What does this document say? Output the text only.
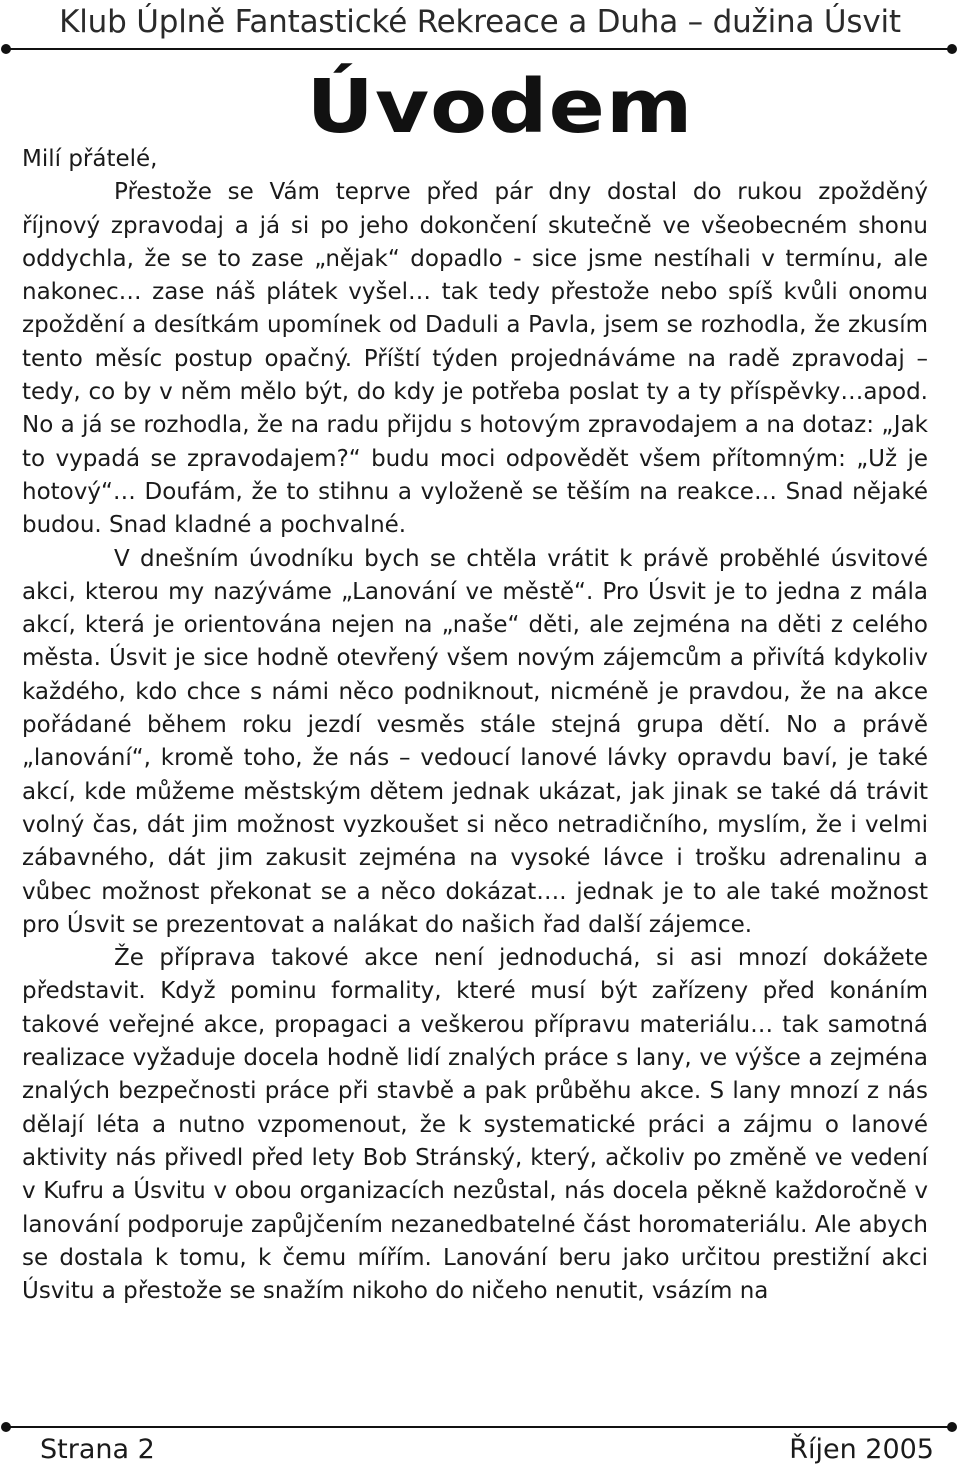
Klub Úplně Fantastické Rekreace a Duha – dužina Úsvit
Úvodem

Milí přátelé,

Přestože se Vám teprve před pár dny dostal do rukou zpožděný říjnový zpravodaj a já si po jeho dokončení skutečně ve všeobecném shonu oddychla, že se to zase „nějak“ dopadlo - sice jsme nestíhali v termínu, ale nakonec… zase náš plátek vyšel… tak tedy přestože nebo spíš kvůli onomu zpoždění a desítkám upomínek od Daduli a Pavla, jsem se rozhodla, že zkusím tento měsíc postup opačný. Příští týden projednáváme na radě zpravodaj – tedy, co by v něm mělo být, do kdy je potřeba poslat ty a ty příspěvky…apod. No a já se rozhodla, že na radu přijdu s hotovým zpravodajem a na dotaz: „Jak to vypadá se zpravodajem?“ budu moci odpovědět všem přítomným: „Už je hotový“… Doufám, že to stihnu a vyloženě se těším na reakce… Snad nějaké budou. Snad kladné a pochvalné.

V dnešním úvodníku bych se chtěla vrátit k právě proběhlé úsvitové akci, kterou my nazýváme „Lanování ve městě“. Pro Úsvit je to jedna z mála akcí, která je orientována nejen na „naše“ děti, ale zejména na děti z celého města. Úsvit je sice hodně otevřený všem novým zájemcům a přivítá kdykoliv každého, kdo chce s námi něco podniknout, nicméně je pravdou, že na akce pořádané během roku jezdí vesměs stále stejná grupa dětí. No a právě „lanování“, kromě toho, že nás – vedoucí lanové lávky opravdu baví, je také akcí, kde můžeme městským dětem jednak ukázat, jak jinak se také dá trávit volný čas, dát jim možnost vyzkoušet si něco netradičního, myslím, že i velmi zábavného, dát jim zakusit zejména na vysoké lávce i trošku adrenalinu a vůbec možnost překonat se a něco dokázat…. jednak je to ale také možnost pro Úsvit se prezentovat a nalákat do našich řad další zájemce.

Že příprava takové akce není jednoduchá, si asi mnozí dokážete představit. Když pominu formality, které musí být zařízeny před konáním takové veřejné akce, propagaci a veškerou přípravu materiálu… tak samotná realizace vyžaduje docela hodně lidí znalých práce s lany, ve výšce a zejména znalých bezpečnosti práce při stavbě a pak průběhu akce. S lany mnozí z nás dělají léta a nutno vzpomenout, že k systematické práci a zájmu o lanové aktivity nás přivedl před lety Bob Stránský, který, ačkoliv po změně ve vedení v Kufru a Úsvitu v obou organizacích nezůstal, nás docela pěkně každoročně v lanování podporuje zapůjčením nezanedbatelné část horomateriálu. Ale abych se dostala k tomu, k čemu mířím. Lanování beru jako určitou prestižní akci Úsvitu a přestože se snažím nikoho do ničeho nenutit, vsázím na

Strana 2	Říjen 2005
